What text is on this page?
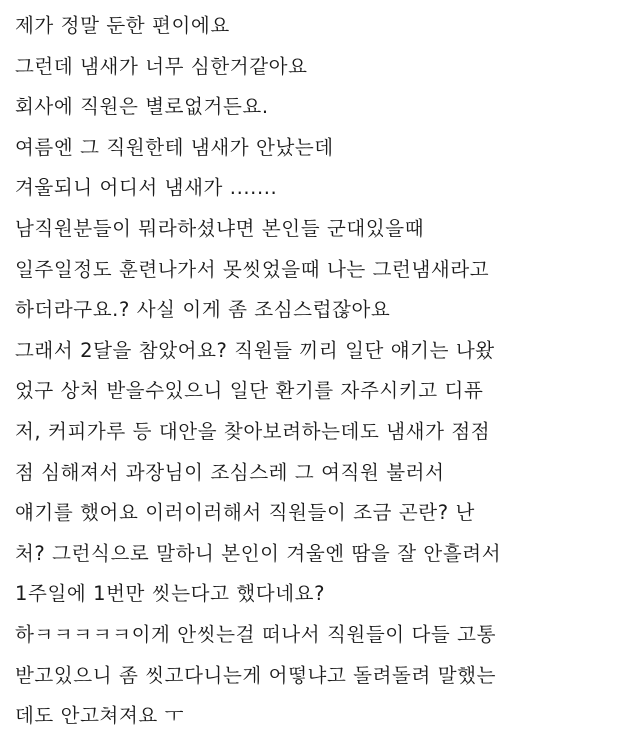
제가 정말 둔한 편이에요

그런데 냄새가 너무 심한거같아요

회사에 직원은 별로없거든요.

여름엔 그 직원한테 냄새가 안났는데

겨울되니 어디서 냄새가 .......

남직원분들이 뭐라하셨냐면 본인들 군대있을때

일주일정도 훈련나가서 못씻었을때 나는 그런냄새라고

하더라구요.? 사실 이게 좀 조심스럽잖아요

그래서 2달을 참았어요? 직원들 끼리 일단 얘기는 나왔

었구 상처 받을수있으니 일단 환기를 자주시키고 디퓨

저, 커피가루 등 대안을 찾아보려하는데도 냄새가 점점

점 심해져서 과장님이 조심스레 그 여직원 불러서

얘기를 했어요 이러이러해서 직원들이 조금 곤란? 난

처? 그런식으로 말하니 본인이 겨울엔 땀을 잘 안흘려서

1주일에 1번만 씻는다고 했다네요?

하ㅋㅋㅋㅋㅋ이게 안씻는걸 떠나서 직원들이 다들 고통

받고있으니 좀 씻고다니는게 어떻냐고 돌려돌려 말했는

데도 안고쳐져요 ㅜ
